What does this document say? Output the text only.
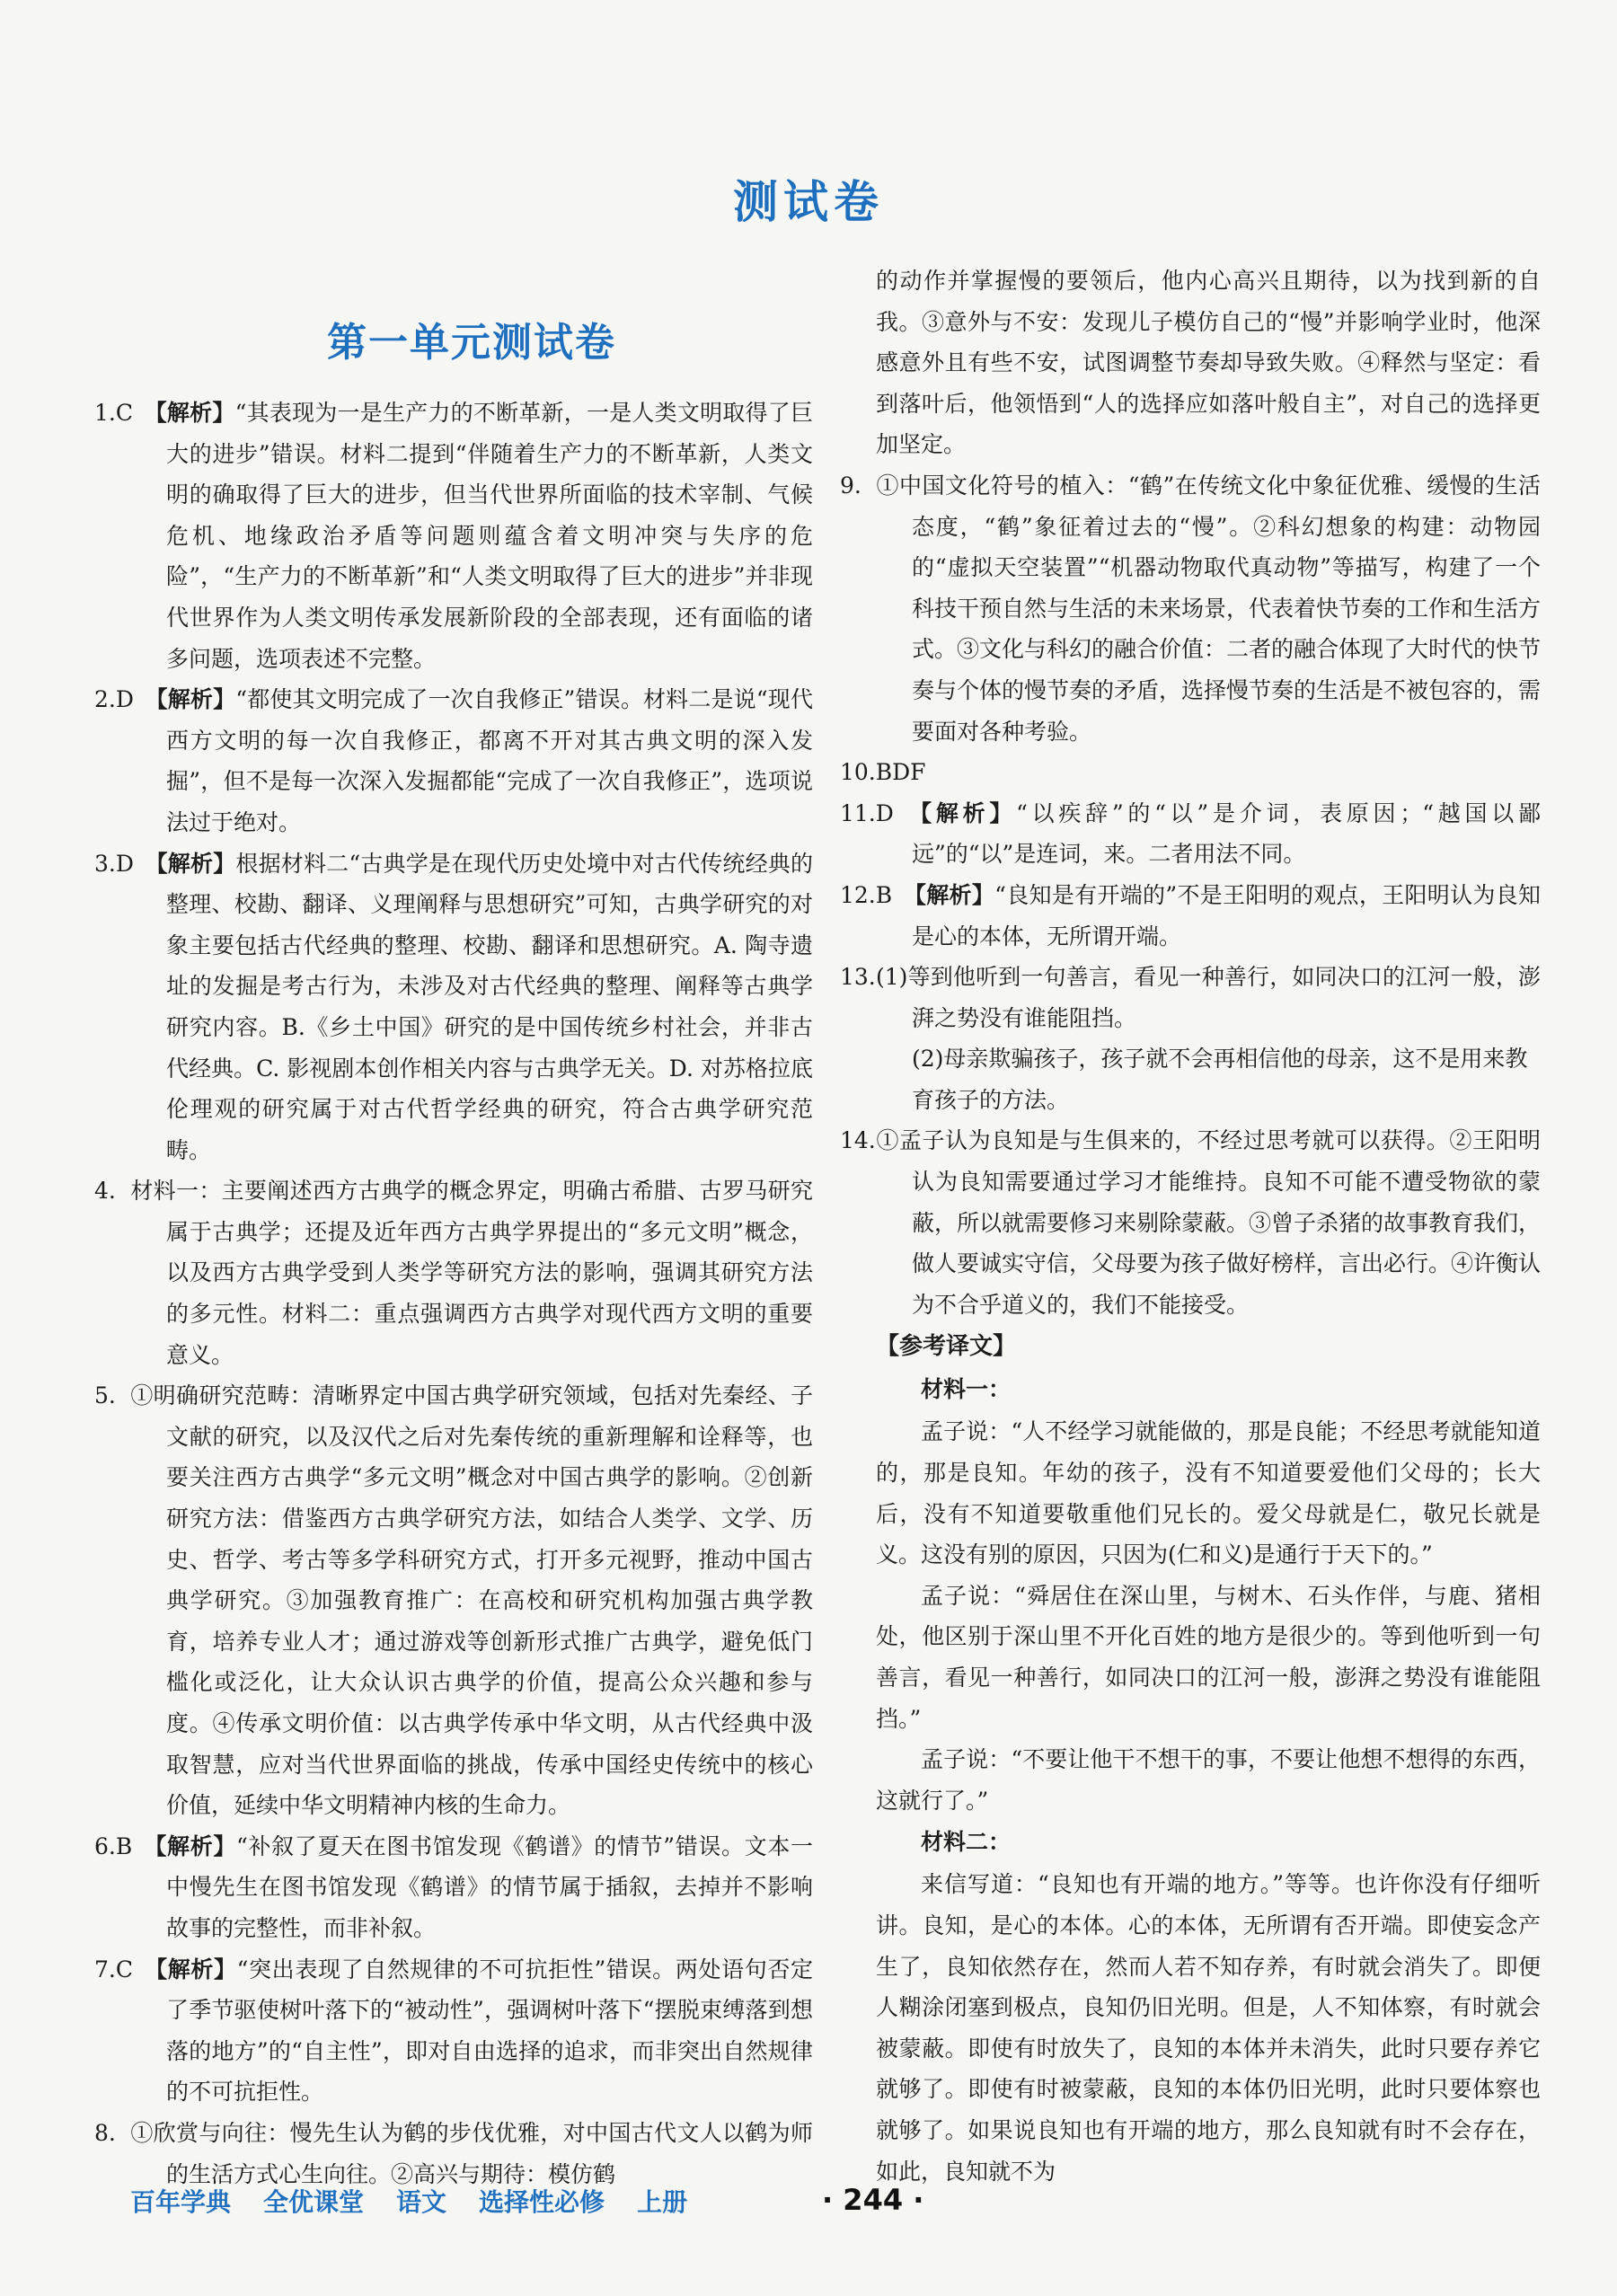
测试卷
第一单元测试卷

1.C 【解析】“其表现为一是生产力的不断革新，一是人类文明取得了巨大的进步”错误。材料二提到“伴随着生产力的不断革新，人类文明的确取得了巨大的进步，但当代世界所面临的技术宰制、气候危机、地缘政治矛盾等问题则蕴含着文明冲突与失序的危险”，“生产力的不断革新”和“人类文明取得了巨大的进步”并非现代世界作为人类文明传承发展新阶段的全部表现，还有面临的诸多问题，选项表述不完整。

2.D 【解析】“都使其文明完成了一次自我修正”错误。材料二是说“现代西方文明的每一次自我修正，都离不开对其古典文明的深入发掘”，但不是每一次深入发掘都能“完成了一次自我修正”，选项说法过于绝对。

3.D 【解析】根据材料二“古典学是在现代历史处境中对古代传统经典的整理、校勘、翻译、义理阐释与思想研究”可知，古典学研究的对象主要包括古代经典的整理、校勘、翻译和思想研究。A. 陶寺遗址的发掘是考古行为，未涉及对古代经典的整理、阐释等古典学研究内容。B.《乡土中国》研究的是中国传统乡村社会，并非古代经典。C. 影视剧本创作相关内容与古典学无关。D. 对苏格拉底伦理观的研究属于对古代哲学经典的研究，符合古典学研究范畴。

4. 材料一：主要阐述西方古典学的概念界定，明确古希腊、古罗马研究属于古典学；还提及近年西方古典学界提出的“多元文明”概念，以及西方古典学受到人类学等研究方法的影响，强调其研究方法的多元性。材料二：重点强调西方古典学对现代西方文明的重要意义。

5. ①明确研究范畴：清晰界定中国古典学研究领域，包括对先秦经、子文献的研究，以及汉代之后对先秦传统的重新理解和诠释等，也要关注西方古典学“多元文明”概念对中国古典学的影响。②创新研究方法：借鉴西方古典学研究方法，如结合人类学、文学、历史、哲学、考古等多学科研究方式，打开多元视野，推动中国古典学研究。③加强教育推广：在高校和研究机构加强古典学教育，培养专业人才；通过游戏等创新形式推广古典学，避免低门槛化或泛化，让大众认识古典学的价值，提高公众兴趣和参与度。④传承文明价值：以古典学传承中华文明，从古代经典中汲取智慧，应对当代世界面临的挑战，传承中国经史传统中的核心价值，延续中华文明精神内核的生命力。

6.B 【解析】“补叙了夏天在图书馆发现《鹤谱》的情节”错误。文本一中慢先生在图书馆发现《鹤谱》的情节属于插叙，去掉并不影响故事的完整性，而非补叙。

7.C 【解析】“突出表现了自然规律的不可抗拒性”错误。两处语句否定了季节驱使树叶落下的“被动性”，强调树叶落下“摆脱束缚落到想落的地方”的“自主性”，即对自由选择的追求，而非突出自然规律的不可抗拒性。

8. ①欣赏与向往：慢先生认为鹤的步伐优雅，对中国古代文人以鹤为师的生活方式心生向往。②高兴与期待：模仿鹤

的动作并掌握慢的要领后，他内心高兴且期待，以为找到新的自我。③意外与不安：发现儿子模仿自己的“慢”并影响学业时，他深感意外且有些不安，试图调整节奏却导致失败。④释然与坚定：看到落叶后，他领悟到“人的选择应如落叶般自主”，对自己的选择更加坚定。

9. ①中国文化符号的植入：“鹤”在传统文化中象征优雅、缓慢的生活态度，“鹤”象征着过去的“慢”。②科幻想象的构建：动物园的“虚拟天空装置”“机器动物取代真动物”等描写，构建了一个科技干预自然与生活的未来场景，代表着快节奏的工作和生活方式。③文化与科幻的融合价值：二者的融合体现了大时代的快节奏与个体的慢节奏的矛盾，选择慢节奏的生活是不被包容的，需要面对各种考验。

10.BDF

11.D 【解析】“以疾辞”的“以”是介词，表原因；“越国以鄙远”的“以”是连词，来。二者用法不同。

12.B 【解析】“良知是有开端的”不是王阳明的观点，王阳明认为良知是心的本体，无所谓开端。

13.(1)等到他听到一句善言，看见一种善行，如同决口的江河一般，澎湃之势没有谁能阻挡。

(2)母亲欺骗孩子，孩子就不会再相信他的母亲，这不是用来教育孩子的方法。

14.①孟子认为良知是与生俱来的，不经过思考就可以获得。②王阳明认为良知需要通过学习才能维持。良知不可能不遭受物欲的蒙蔽，所以就需要修习来剔除蒙蔽。③曾子杀猪的故事教育我们，做人要诚实守信，父母要为孩子做好榜样，言出必行。④许衡认为不合乎道义的，我们不能接受。

【参考译文】

材料一：

孟子说：“人不经学习就能做的，那是良能；不经思考就能知道的，那是良知。年幼的孩子，没有不知道要爱他们父母的；长大后，没有不知道要敬重他们兄长的。爱父母就是仁，敬兄长就是义。这没有别的原因，只因为(仁和义)是通行于天下的。”

孟子说：“舜居住在深山里，与树木、石头作伴，与鹿、猪相处，他区别于深山里不开化百姓的地方是很少的。等到他听到一句善言，看见一种善行，如同决口的江河一般，澎湃之势没有谁能阻挡。”

孟子说：“不要让他干不想干的事，不要让他想不想得的东西，这就行了。”

材料二：

来信写道：“良知也有开端的地方。”等等。也许你没有仔细听讲。良知，是心的本体。心的本体，无所谓有否开端。即使妄念产生了，良知依然存在，然而人若不知存养，有时就会消失了。即便人糊涂闭塞到极点，良知仍旧光明。但是，人不知体察，有时就会被蒙蔽。即使有时放失了，良知的本体并未消失，此时只要存养它就够了。即使有时被蒙蔽，良知的本体仍旧光明，此时只要体察也就够了。如果说良知也有开端的地方，那么良知就有时不会存在，如此，良知就不为

百年学典 全优课堂 语文 选择性必修 上册	· 244 ·
